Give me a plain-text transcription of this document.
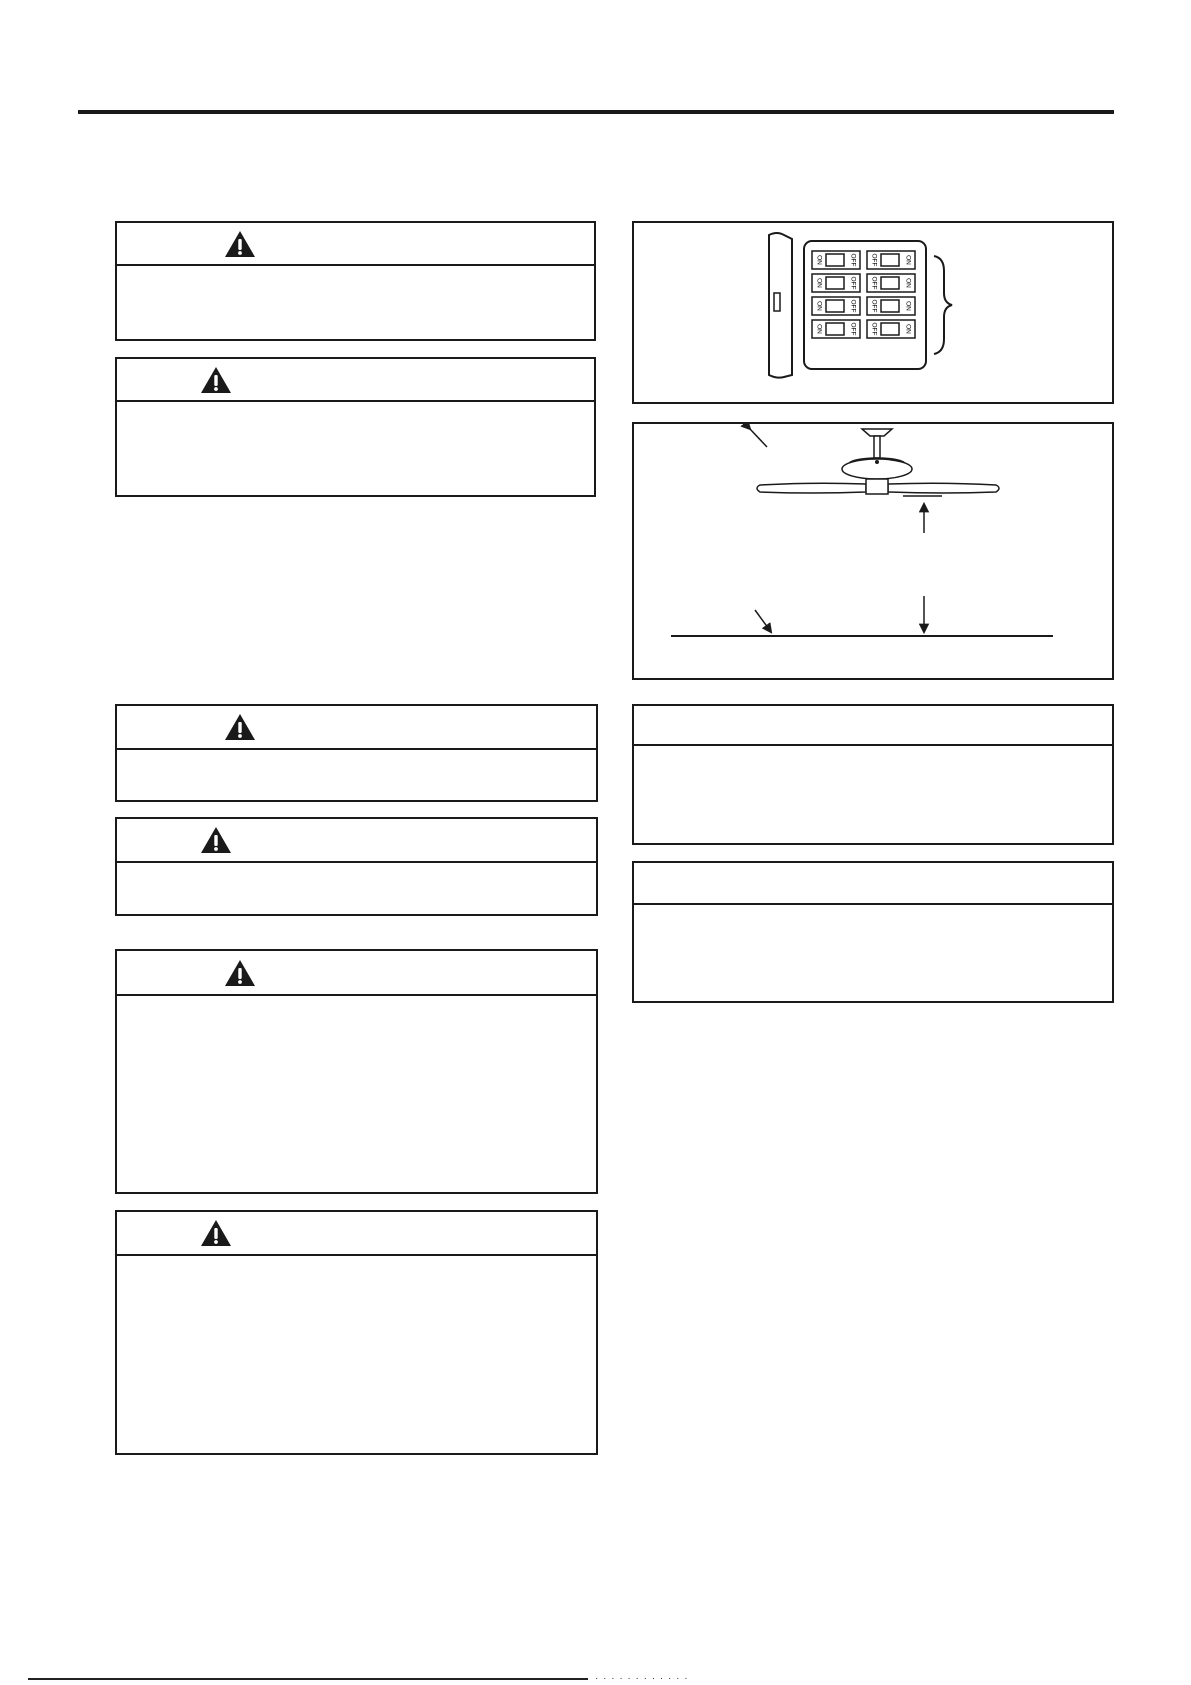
ON	OFF
ON	OFF
ON	OFF
ON	OFF
OFF	ON
OFF	ON
OFF	ON
OFF	ON
· · · · · · · · · · · ·
